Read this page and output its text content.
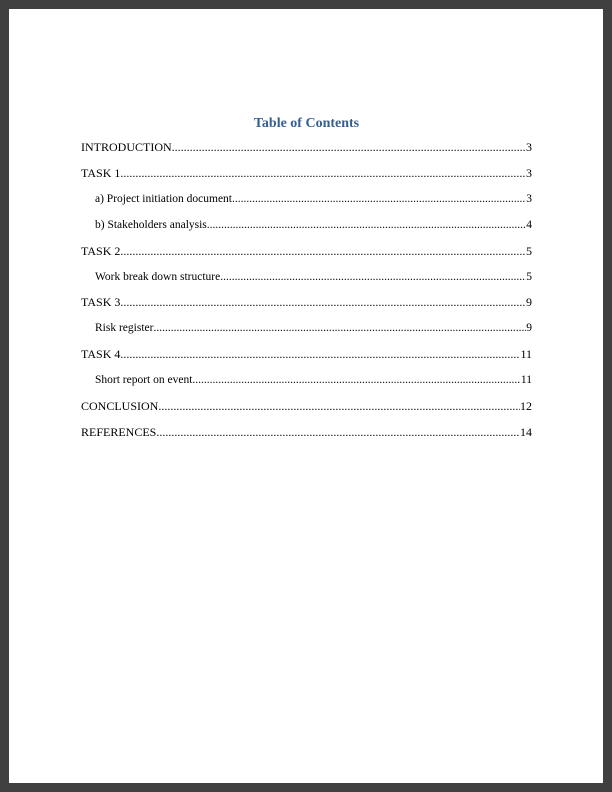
Table of Contents
INTRODUCTION .....	3
TASK 1 .....	3
a) Project initiation document .....	3
b) Stakeholders analysis .....	4
TASK 2 .....	5
Work break down structure .....	5
TASK 3 .....	9
Risk register .....	9
TASK 4 .....	11
Short report on event .....	11
CONCLUSION .....	12
REFERENCES .....	14
